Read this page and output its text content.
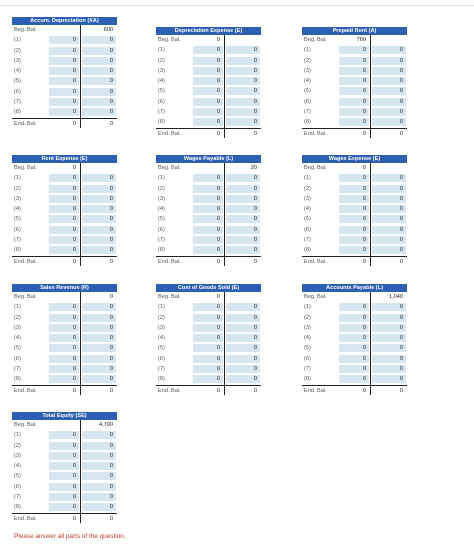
Accum. Depreciation (XA)
Beg. Bal.	600
(1)	0	0
(2)	0	0
(3)	0	0
(4)	0	0
(5)	0	0
(6)	0	0
(7)	0	0
(8)	0	0
End. Bal.	0	0
Depreciation Expense (E)
Beg. Bal.	0
(1)	0	0
(2)	0	0
(3)	0	0
(4)	0	0
(5)	0	0
(6)	0	0
(7)	0	0
(8)	0	0
End. Bal.	0	0
Prepaid Rent (A)
Beg. Bal.	760
(1)	0	0
(2)	0	0
(3)	0	0
(4)	0	0
(5)	0	0
(6)	0	0
(7)	0	0
(8)	0	0
End. Bal.	0	0
Rent Expense (E)
Beg. Bal.	0
(1)	0	0
(2)	0	0
(3)	0	0
(4)	0	0
(5)	0	0
(6)	0	0
(7)	0	0
(8)	0	0
End. Bal.	0	0
Wages Payable (L)
Beg. Bal.	20
(1)	0	0
(2)	0	0
(3)	0	0
(4)	0	0
(5)	0	0
(6)	0	0
(7)	0	0
(8)	0	0
End. Bal.	0	0
Wages Expense (E)
Beg. Bal.	0
(1)	0	0
(2)	0	0
(3)	0	0
(4)	0	0
(5)	0	0
(6)	0	0
(7)	0	0
(8)	0	0
End. Bal.	0	0
Sales Revenue (R)
Beg. Bal.	0
(1)	0	0
(2)	0	0
(3)	0	0
(4)	0	0
(5)	0	0
(6)	0	0
(7)	0	0
(8)	0	0
End. Bal.	0	0
Cost of Goods Sold (E)
Beg. Bal.	0
(1)	0	0
(2)	0	0
(3)	0	0
(4)	0	0
(5)	0	0
(6)	0	0
(7)	0	0
(8)	0	0
End. Bal.	0	0
Accounts Payable (L)
Beg. Bal.	1,040
(1)	0	0
(2)	0	0
(3)	0	0
(4)	0	0
(5)	0	0
(6)	0	0
(7)	0	0
(8)	0	0
End. Bal.	0	0
Total Equity (SE)
Beg. Bal.	4,700
(1)	0	0
(2)	0	0
(3)	0	0
(4)	0	0
(5)	0	0
(6)	0	0
(7)	0	0
(8)	0	0
End. Bal.	0	0
Please answer all parts of the question.
